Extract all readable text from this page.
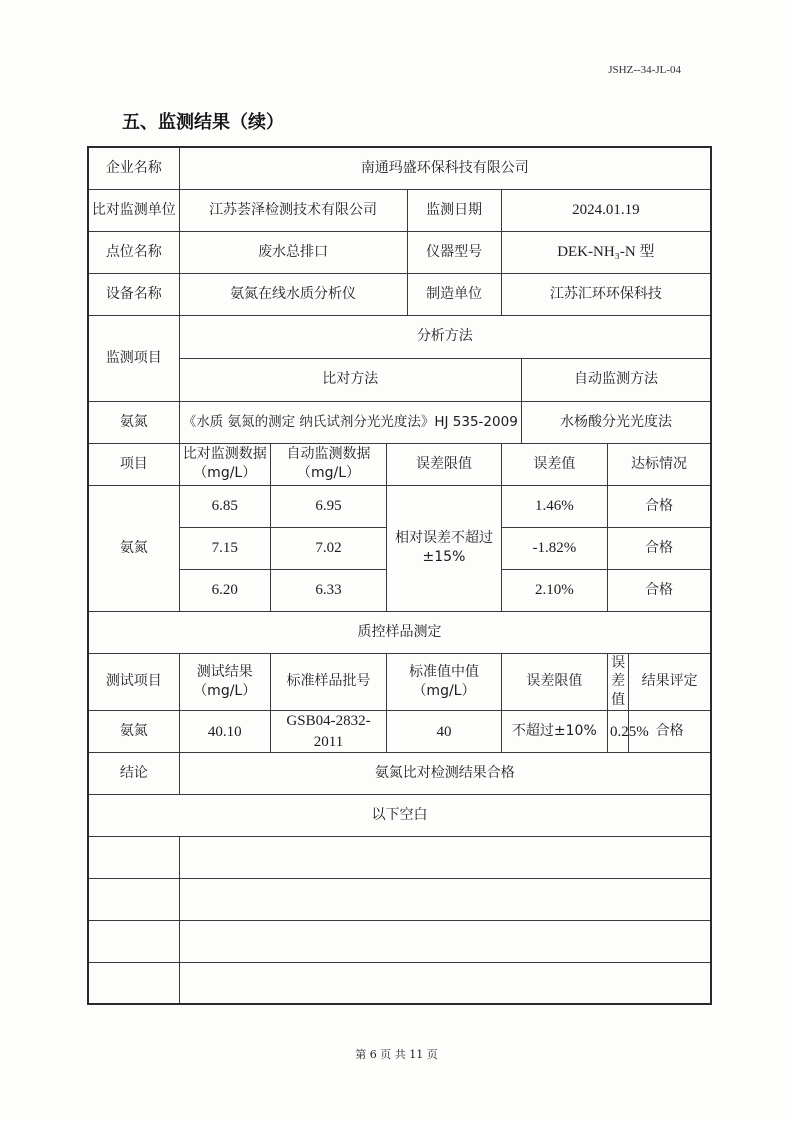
JSHZ--34-JL-04
五、监测结果（续）
企业名称	南通玛盛环保科技有限公司							
比对监测单位	江苏荟泽检测技术有限公司			监测日期	2024.01.19			
点位名称	废水总排口			仪器型号	DEK-NH₃-N 型			
设备名称	氨氮在线水质分析仪			制造单位	江苏汇环环保科技			
监测项目	分析方法							
	比对方法					自动监测方法		
氨氮	《水质 氨氮的测定 纳氏试剂分光光度法》HJ 535-2009					水杨酸分光光度法		
项目	比对监测数据（mg/L）	自动监测数据（mg/L）	误差限值		误差值		达标情况	
氨氮	6.85	6.95	相对误差不超过±15%		1.46%		合格	
	7.15	7.02			-1.82%		合格	
	6.20	6.33			2.10%		合格	
质控样品测定								
测试项目	测试结果（mg/L）	标准样品批号	标准值中值（mg/L）		误差限值		误差值	结果评定
氨氮	40.10	GSB04-2832-2011	40		不超过±10%		0.25%	合格
结论	氨氮比对检测结果合格							
以下空白								

第 6 页 共 11 页
